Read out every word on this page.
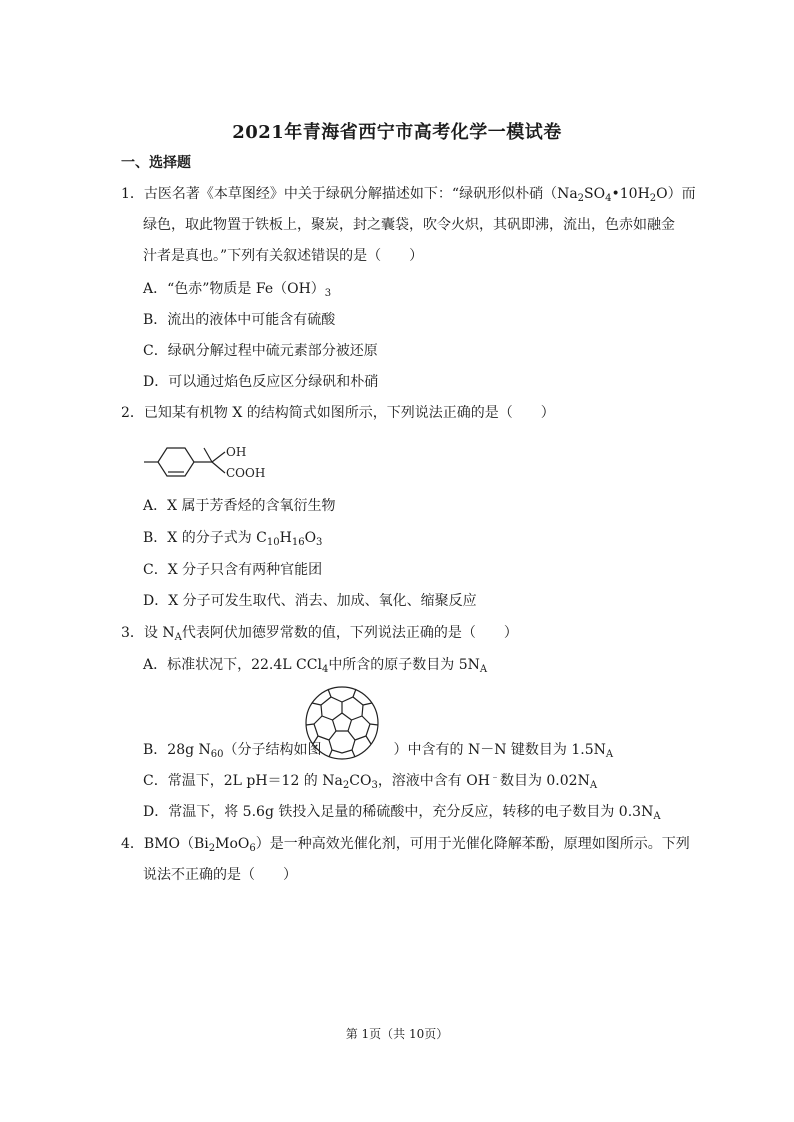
2021年青海省西宁市高考化学一模试卷
一、选择题
1．古医名著《本草图经》中关于绿矾分解描述如下：“绿矾形似朴硝$(Na_2SO_4•10H_2O)$而
绿色，取此物置于铁板上，聚炭，封之囊袋，吹令火炽，其矾即沸，流出，色赤如融金
汁者是真也。”下列有关叙述错误的是（　　）
A．“色赤”物质是 $Fe(OH)_3$
B．流出的液体中可能含有硫酸
C．绿矾分解过程中硫元素部分被还原
D．可以通过焰色反应区分绿矾和朴硝
2．已知某有机物 X 的结构简式如图所示，下列说法正确的是（　　）
OH
COOH
A．X 属于芳香烃的含氧衍生物
B．X 的分子式为 $C_{10}H_{16}O_3$
C．X 分子只含有两种官能团
D．X 分子可发生取代、消去、加成、氧化、缩聚反应
3．设 $N_A$代表阿伏加德罗常数的值，下列说法正确的是（　　）
A．标准状况下，22.4L CCl$_4$中所含的原子数目为 $5N_A$
B．28g $N_{60}$（分子结构如图	）中含有的 N－N 键数目为 $1.5N_A$
C．常温下，2L pH＝12 的 $Na_2CO_3$，溶液中含有 OH﹣数目为 $0.02N_A$
D．常温下，将 5.6g 铁投入足量的稀硫酸中，充分反应，转移的电子数目为 $0.3N_A$
4．$BMO(Bi_2MoO_6)$是一种高效光催化剂，可用于光催化降解苯酚，原理如图所示。下列
说法不正确的是（　　）
第 1页（共 10页）
